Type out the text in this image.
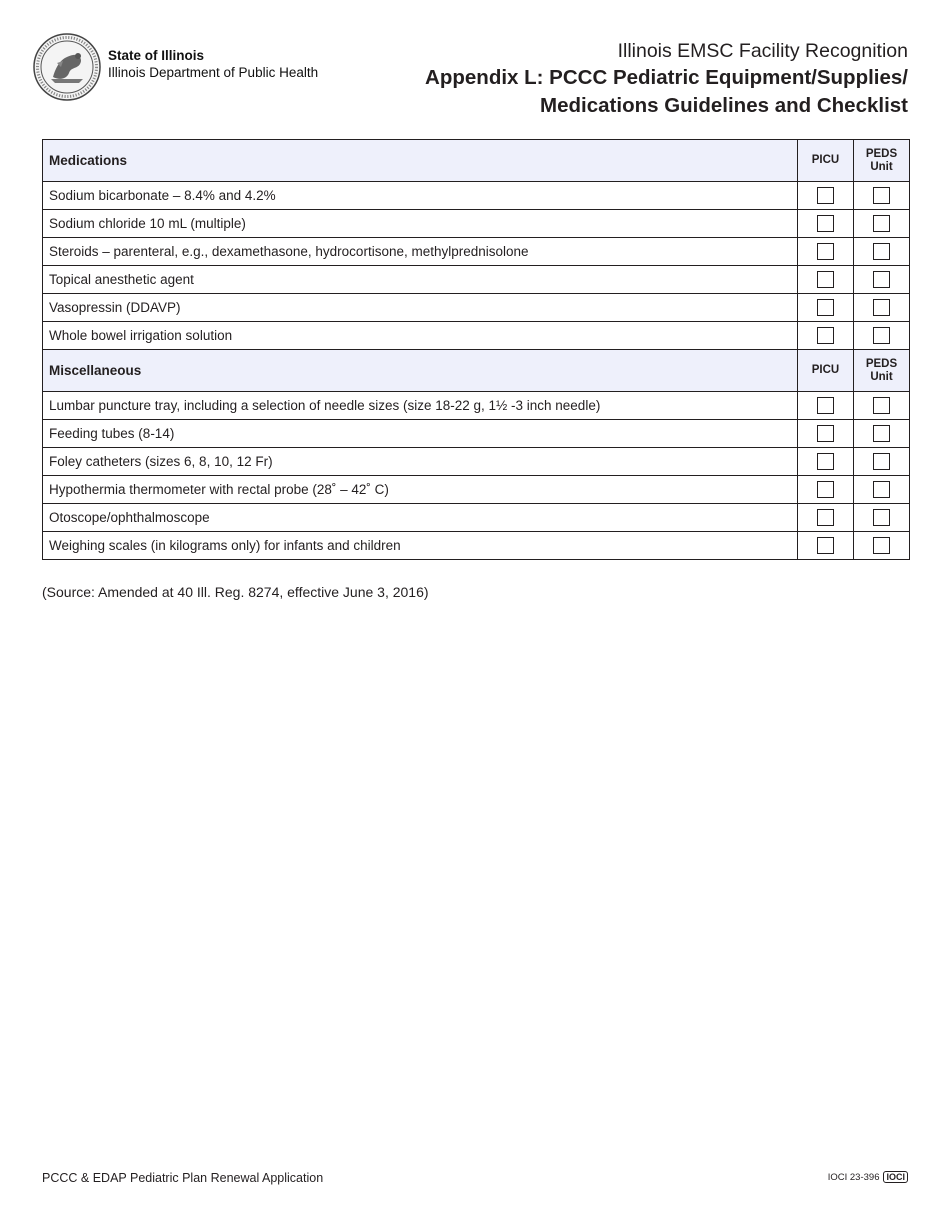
State of Illinois
Illinois Department of Public Health
Illinois EMSC Facility Recognition
Appendix L: PCCC Pediatric Equipment/Supplies/
Medications Guidelines and Checklist
Medications	PICU	PEDS
Unit

Sodium bicarbonate – 8.4% and 4.2%		
Sodium chloride 10 mL (multiple)		
Steroids – parenteral, e.g., dexamethasone, hydrocortisone, methylprednisolone		
Topical anesthetic agent		
Vasopressin (DDAVP)		
Whole bowel irrigation solution		
Miscellaneous	PICU	PEDS
Unit

Lumbar puncture tray, including a selection of needle sizes (size 18-22 g, 1½ -3 inch needle)		
Feeding tubes (8-14)		
Foley catheters (sizes 6, 8, 10, 12 Fr)		
Hypothermia thermometer with rectal probe (28˚ – 42˚ C)		
Otoscope/ophthalmoscope		
Weighing scales (in kilograms only) for infants and children		
(Source: Amended at 40 Ill. Reg. 8274, effective June 3, 2016)
PCCC & EDAP Pediatric Plan Renewal Application	IOCI 23-396 IOCI
